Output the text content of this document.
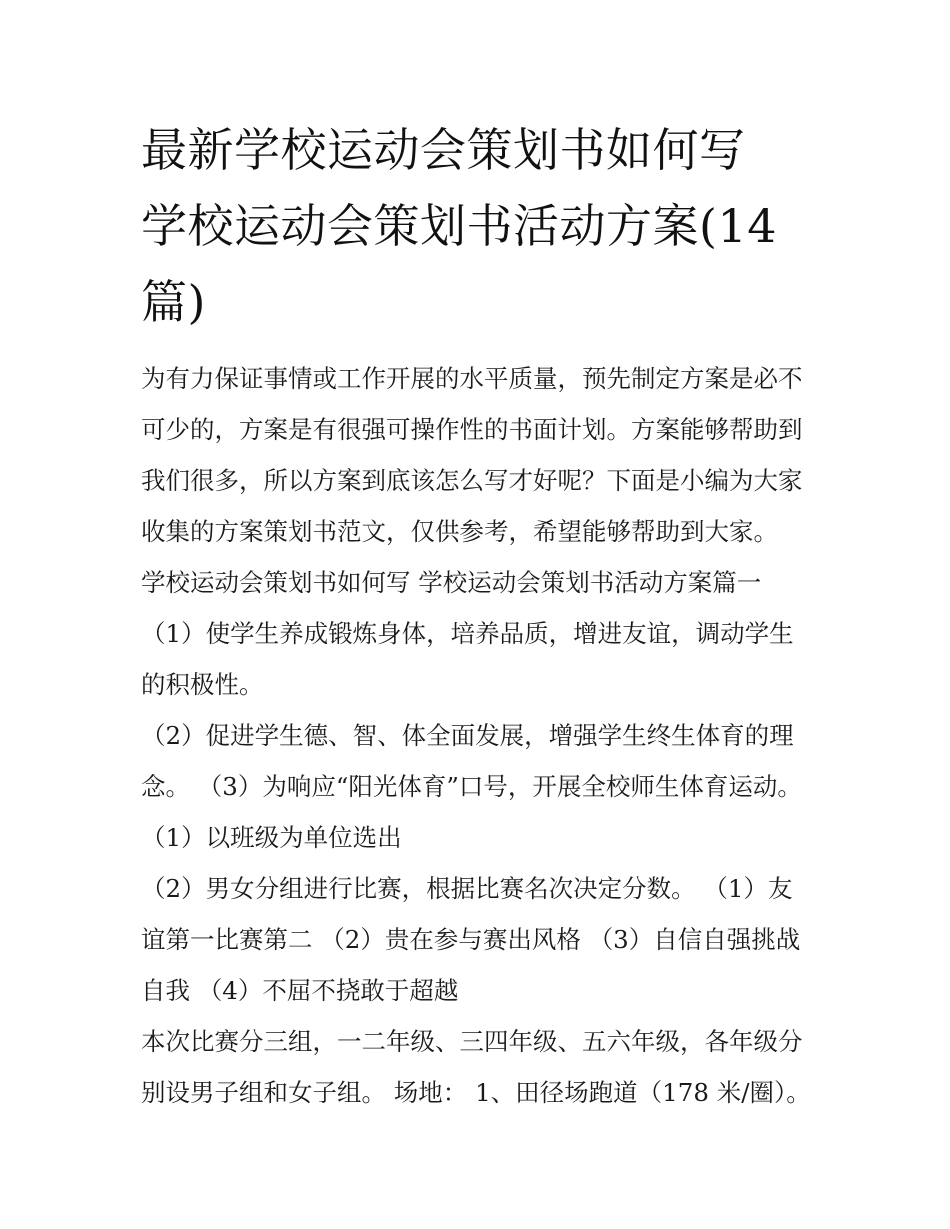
最新学校运动会策划书如何写
学校运动会策划书活动方案(14
篇)
为有力保证事情或工作开展的水平质量，预先制定方案是必不
可少的，方案是有很强可操作性的书面计划。方案能够帮助到
我们很多，所以方案到底该怎么写才好呢？下面是小编为大家
收集的方案策划书范文，仅供参考，希望能够帮助到大家。
学校运动会策划书如何写 学校运动会策划书活动方案篇一
（1）使学生养成锻炼身体，培养品质，增进友谊，调动学生
的积极性。
（2）促进学生德、智、体全面发展，增强学生终生体育的理
念。 （3）为响应“阳光体育”口号，开展全校师生体育运动。
（1）以班级为单位选出
（2）男女分组进行比赛，根据比赛名次决定分数。 （1）友
谊第一比赛第二 （2）贵在参与赛出风格 （3）自信自强挑战
自我 （4）不屈不挠敢于超越
本次比赛分三组，一二年级、三四年级、五六年级，各年级分
别设男子组和女子组。 场地： 1、田径场跑道（178 米/圈）。
